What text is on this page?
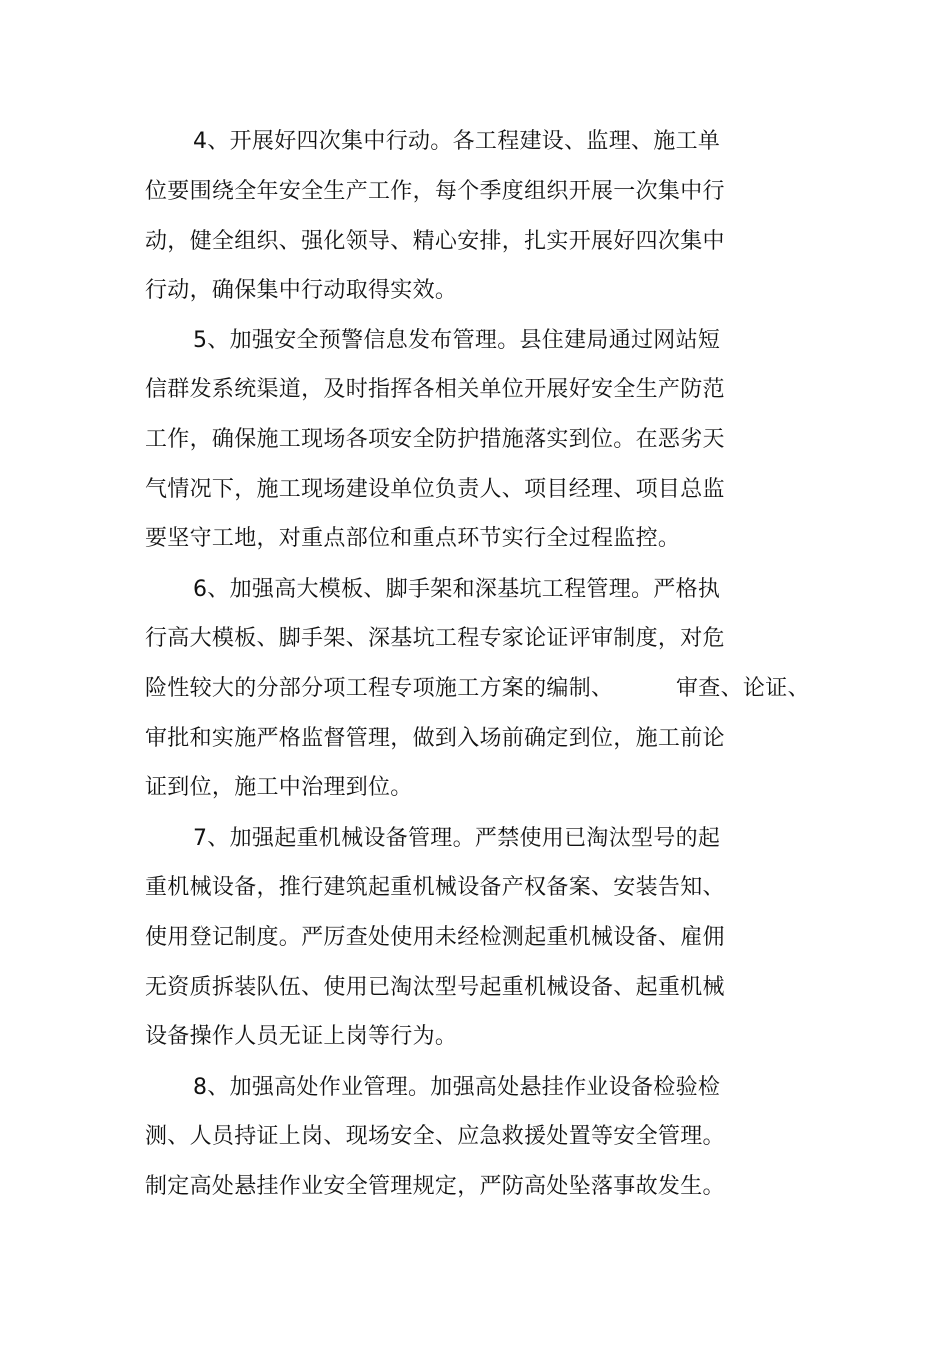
4、开展好四次集中行动。各工程建设、监理、施工单
位要围绕全年安全生产工作，每个季度组织开展一次集中行
动，健全组织、强化领导、精心安排，扎实开展好四次集中
行动，确保集中行动取得实效。
5、加强安全预警信息发布管理。县住建局通过网站短
信群发系统渠道，及时指挥各相关单位开展好安全生产防范
工作，确保施工现场各项安全防护措施落实到位。在恶劣天
气情况下，施工现场建设单位负责人、项目经理、项目总监
要坚守工地，对重点部位和重点环节实行全过程监控。
6、加强高大模板、脚手架和深基坑工程管理。严格执
行高大模板、脚手架、深基坑工程专家论证评审制度，对危
险性较大的分部分项工程专项施工方案的编制、	审查、论证、
审批和实施严格监督管理，做到入场前确定到位，施工前论
证到位，施工中治理到位。
7、加强起重机械设备管理。严禁使用已淘汰型号的起
重机械设备，推行建筑起重机械设备产权备案、安装告知、
使用登记制度。严厉查处使用未经检测起重机械设备、雇佣
无资质拆装队伍、使用已淘汰型号起重机械设备、起重机械
设备操作人员无证上岗等行为。
8、加强高处作业管理。加强高处悬挂作业设备检验检
测、人员持证上岗、现场安全、应急救援处置等安全管理。
制定高处悬挂作业安全管理规定，严防高处坠落事故发生。
